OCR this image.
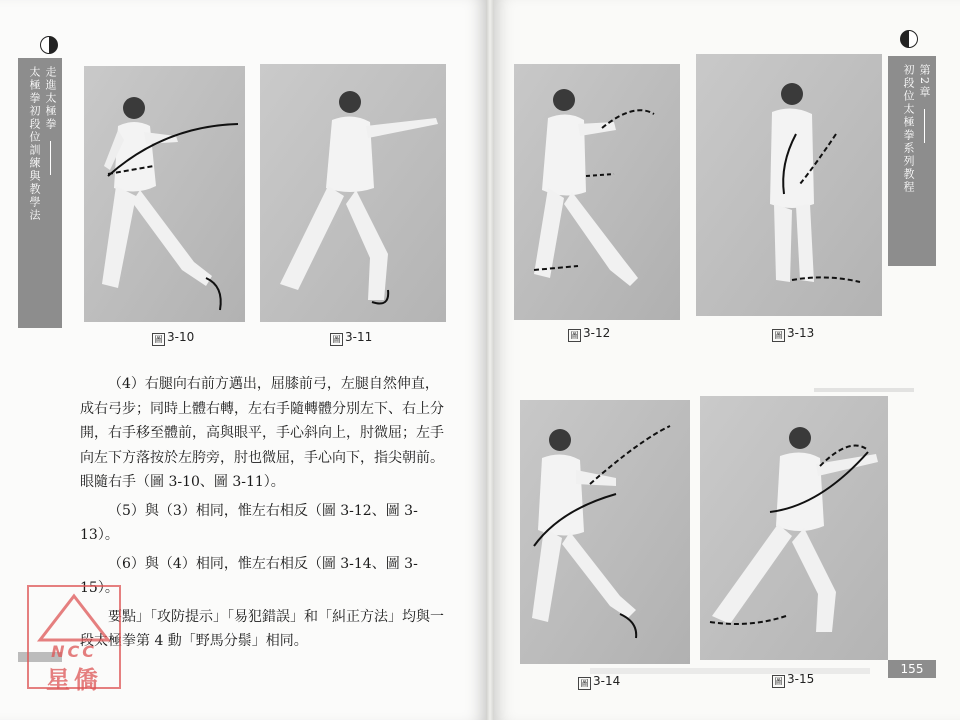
走進太極拳  太極拳初段位訓練與教學法
圖 3-10	圖 3-11

（4）右腿向右前方邁出，屈膝前弓，左腿自然伸直，成右弓步；同時上體右轉，左右手隨轉體分別左下、右上分開，右手移至體前，高與眼平，手心斜向上，肘微屈；左手向左下方落按於左胯旁，肘也微屈，手心向下，指尖朝前。眼隨右手（圖 3-10、圖 3-11）。

（5）與（3）相同，惟左右相反（圖 3-12、圖 3-13）。

（6）與（4）相同，惟左右相反（圖 3-14、圖 3-15）。

要點」「攻防提示」「易犯錯誤」和「糾正方法」均與一段太極拳第 4 動「野馬分鬃」相同。

NCC
星僑
第2章  初段位太極拳系列教程
圖 3-12	圖 3-13
圖 3-14	圖 3-15
155
